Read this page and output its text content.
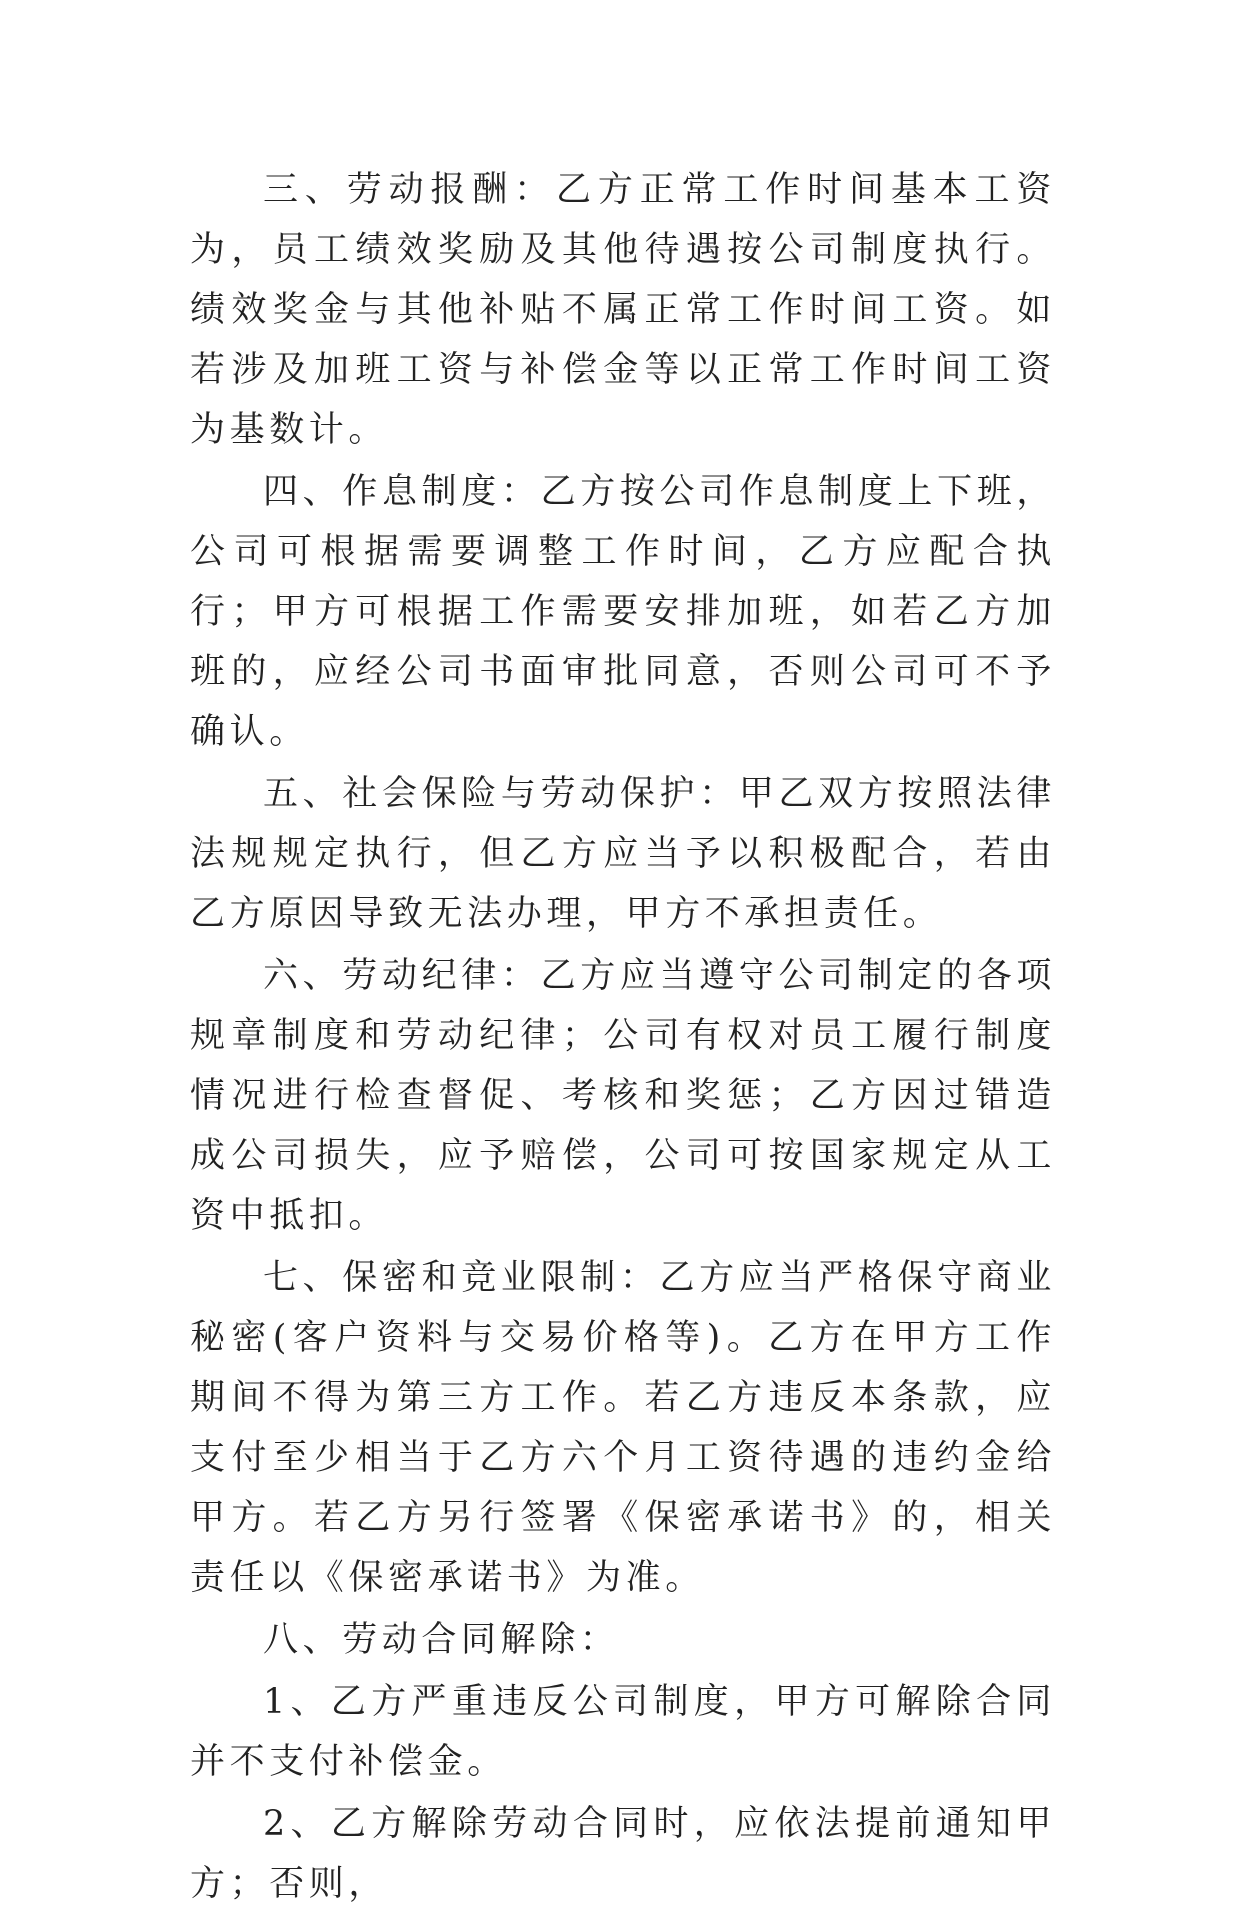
三、劳动报酬：乙方正常工作时间基本工资为，员工绩效奖励及其他待遇按公司制度执行。绩效奖金与其他补贴不属正常工作时间工资。如若涉及加班工资与补偿金等以正常工作时间工资为基数计。

四、作息制度：乙方按公司作息制度上下班，公司可根据需要调整工作时间，乙方应配合执行；甲方可根据工作需要安排加班，如若乙方加班的，应经公司书面审批同意，否则公司可不予确认。

五、社会保险与劳动保护：甲乙双方按照法律法规规定执行，但乙方应当予以积极配合，若由乙方原因导致无法办理，甲方不承担责任。

六、劳动纪律：乙方应当遵守公司制定的各项规章制度和劳动纪律；公司有权对员工履行制度情况进行检查督促、考核和奖惩；乙方因过错造成公司损失，应予赔偿，公司可按国家规定从工资中抵扣。

七、保密和竞业限制：乙方应当严格保守商业秘密(客户资料与交易价格等)。乙方在甲方工作期间不得为第三方工作。若乙方违反本条款，应支付至少相当于乙方六个月工资待遇的违约金给甲方。若乙方另行签署《保密承诺书》的，相关责任以《保密承诺书》为准。

八、劳动合同解除：

1、乙方严重违反公司制度，甲方可解除合同并不支付补偿金。

2、乙方解除劳动合同时，应依法提前通知甲方；否则，
